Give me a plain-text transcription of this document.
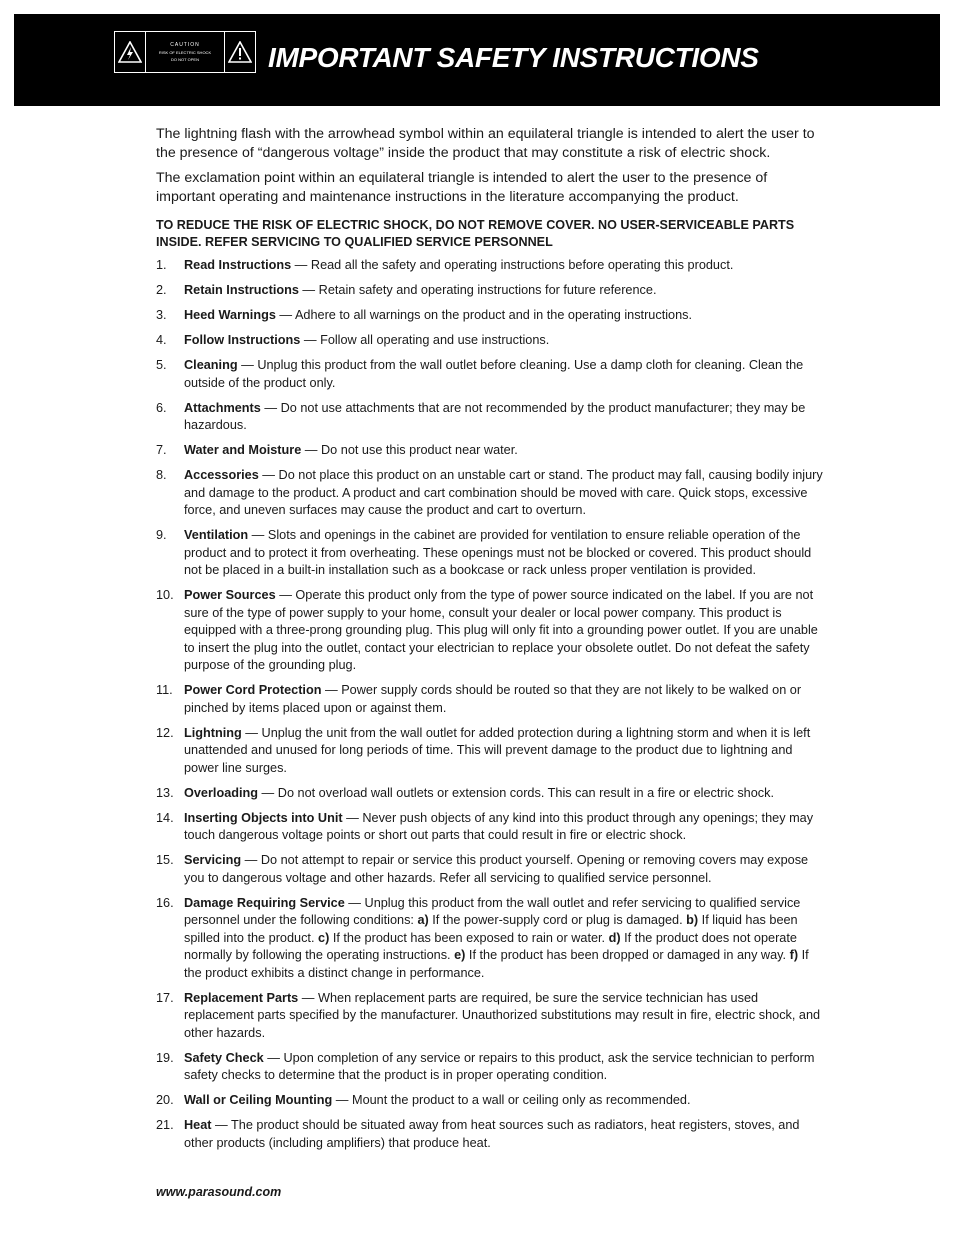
CAUTION
RISK OF ELECTRIC SHOCK
DO NOT OPEN IMPORTANT SAFETY INSTRUCTIONS

The lightning flash with the arrowhead symbol within an equilateral triangle is intended to alert the user to the presence of “dangerous voltage” inside the product that may constitute a risk of electric shock.

The exclamation point within an equilateral triangle is intended to alert the user to the presence of important operating and maintenance instructions in the literature accompanying the product.

TO REDUCE THE RISK OF ELECTRIC SHOCK, DO NOT REMOVE COVER. NO USER-SERVICEABLE PARTS INSIDE. REFER SERVICING TO QUALIFIED SERVICE PERSONNEL

1. Read Instructions — Read all the safety and operating instructions before operating this product.
2. Retain Instructions — Retain safety and operating instructions for future reference.
3. Heed Warnings — Adhere to all warnings on the product and in the operating instructions.
4. Follow Instructions — Follow all operating and use instructions.
5. Cleaning — Unplug this product from the wall outlet before cleaning. Use a damp cloth for cleaning. Clean the outside of the product only.
6. Attachments — Do not use attachments that are not recommended by the product manufacturer; they may be hazardous.
7. Water and Moisture — Do not use this product near water.
8. Accessories — Do not place this product on an unstable cart or stand. The product may fall, causing bodily injury and damage to the product. A product and cart combination should be moved with care. Quick stops, excessive force, and uneven surfaces may cause the product and cart to overturn.
9. Ventilation — Slots and openings in the cabinet are provided for ventilation to ensure reliable operation of the product and to protect it from overheating. These openings must not be blocked or covered. This product should not be placed in a built-in installation such as a bookcase or rack unless proper ventilation is provided.
10. Power Sources — Operate this product only from the type of power source indicated on the label. If you are not sure of the type of power supply to your home, consult your dealer or local power company. This product is equipped with a three-prong grounding plug. This plug will only fit into a grounding power outlet. If you are unable to insert the plug into the outlet, contact your electrician to replace your obsolete outlet. Do not defeat the safety purpose of the grounding plug.
11. Power Cord Protection — Power supply cords should be routed so that they are not likely to be walked on or pinched by items placed upon or against them.
12. Lightning — Unplug the unit from the wall outlet for added protection during a lightning storm and when it is left unattended and unused for long periods of time. This will prevent damage to the product due to lightning and power line surges.
13. Overloading — Do not overload wall outlets or extension cords. This can result in a fire or electric shock.
14. Inserting Objects into Unit — Never push objects of any kind into this product through any openings; they may touch dangerous voltage points or short out parts that could result in fire or electric shock.
15. Servicing — Do not attempt to repair or service this product yourself. Opening or removing covers may expose you to dangerous voltage and other hazards. Refer all servicing to qualified service personnel.
16. Damage Requiring Service — Unplug this product from the wall outlet and refer servicing to qualified service personnel under the following conditions: a) If the power-supply cord or plug is damaged. b) If liquid has been spilled into the product. c) If the product has been exposed to rain or water. d) If the product does not operate normally by following the operating instructions. e) If the product has been dropped or damaged in any way. f) If the product exhibits a distinct change in performance.
17. Replacement Parts — When replacement parts are required, be sure the service technician has used replacement parts specified by the manufacturer. Unauthorized substitutions may result in fire, electric shock, and other hazards.
19. Safety Check — Upon completion of any service or repairs to this product, ask the service technician to perform safety checks to determine that the product is in proper operating condition.
20. Wall or Ceiling Mounting — Mount the product to a wall or ceiling only as recommended.
21. Heat — The product should be situated away from heat sources such as radiators, heat registers, stoves, and other products (including amplifiers) that produce heat.
www.parasound.com
